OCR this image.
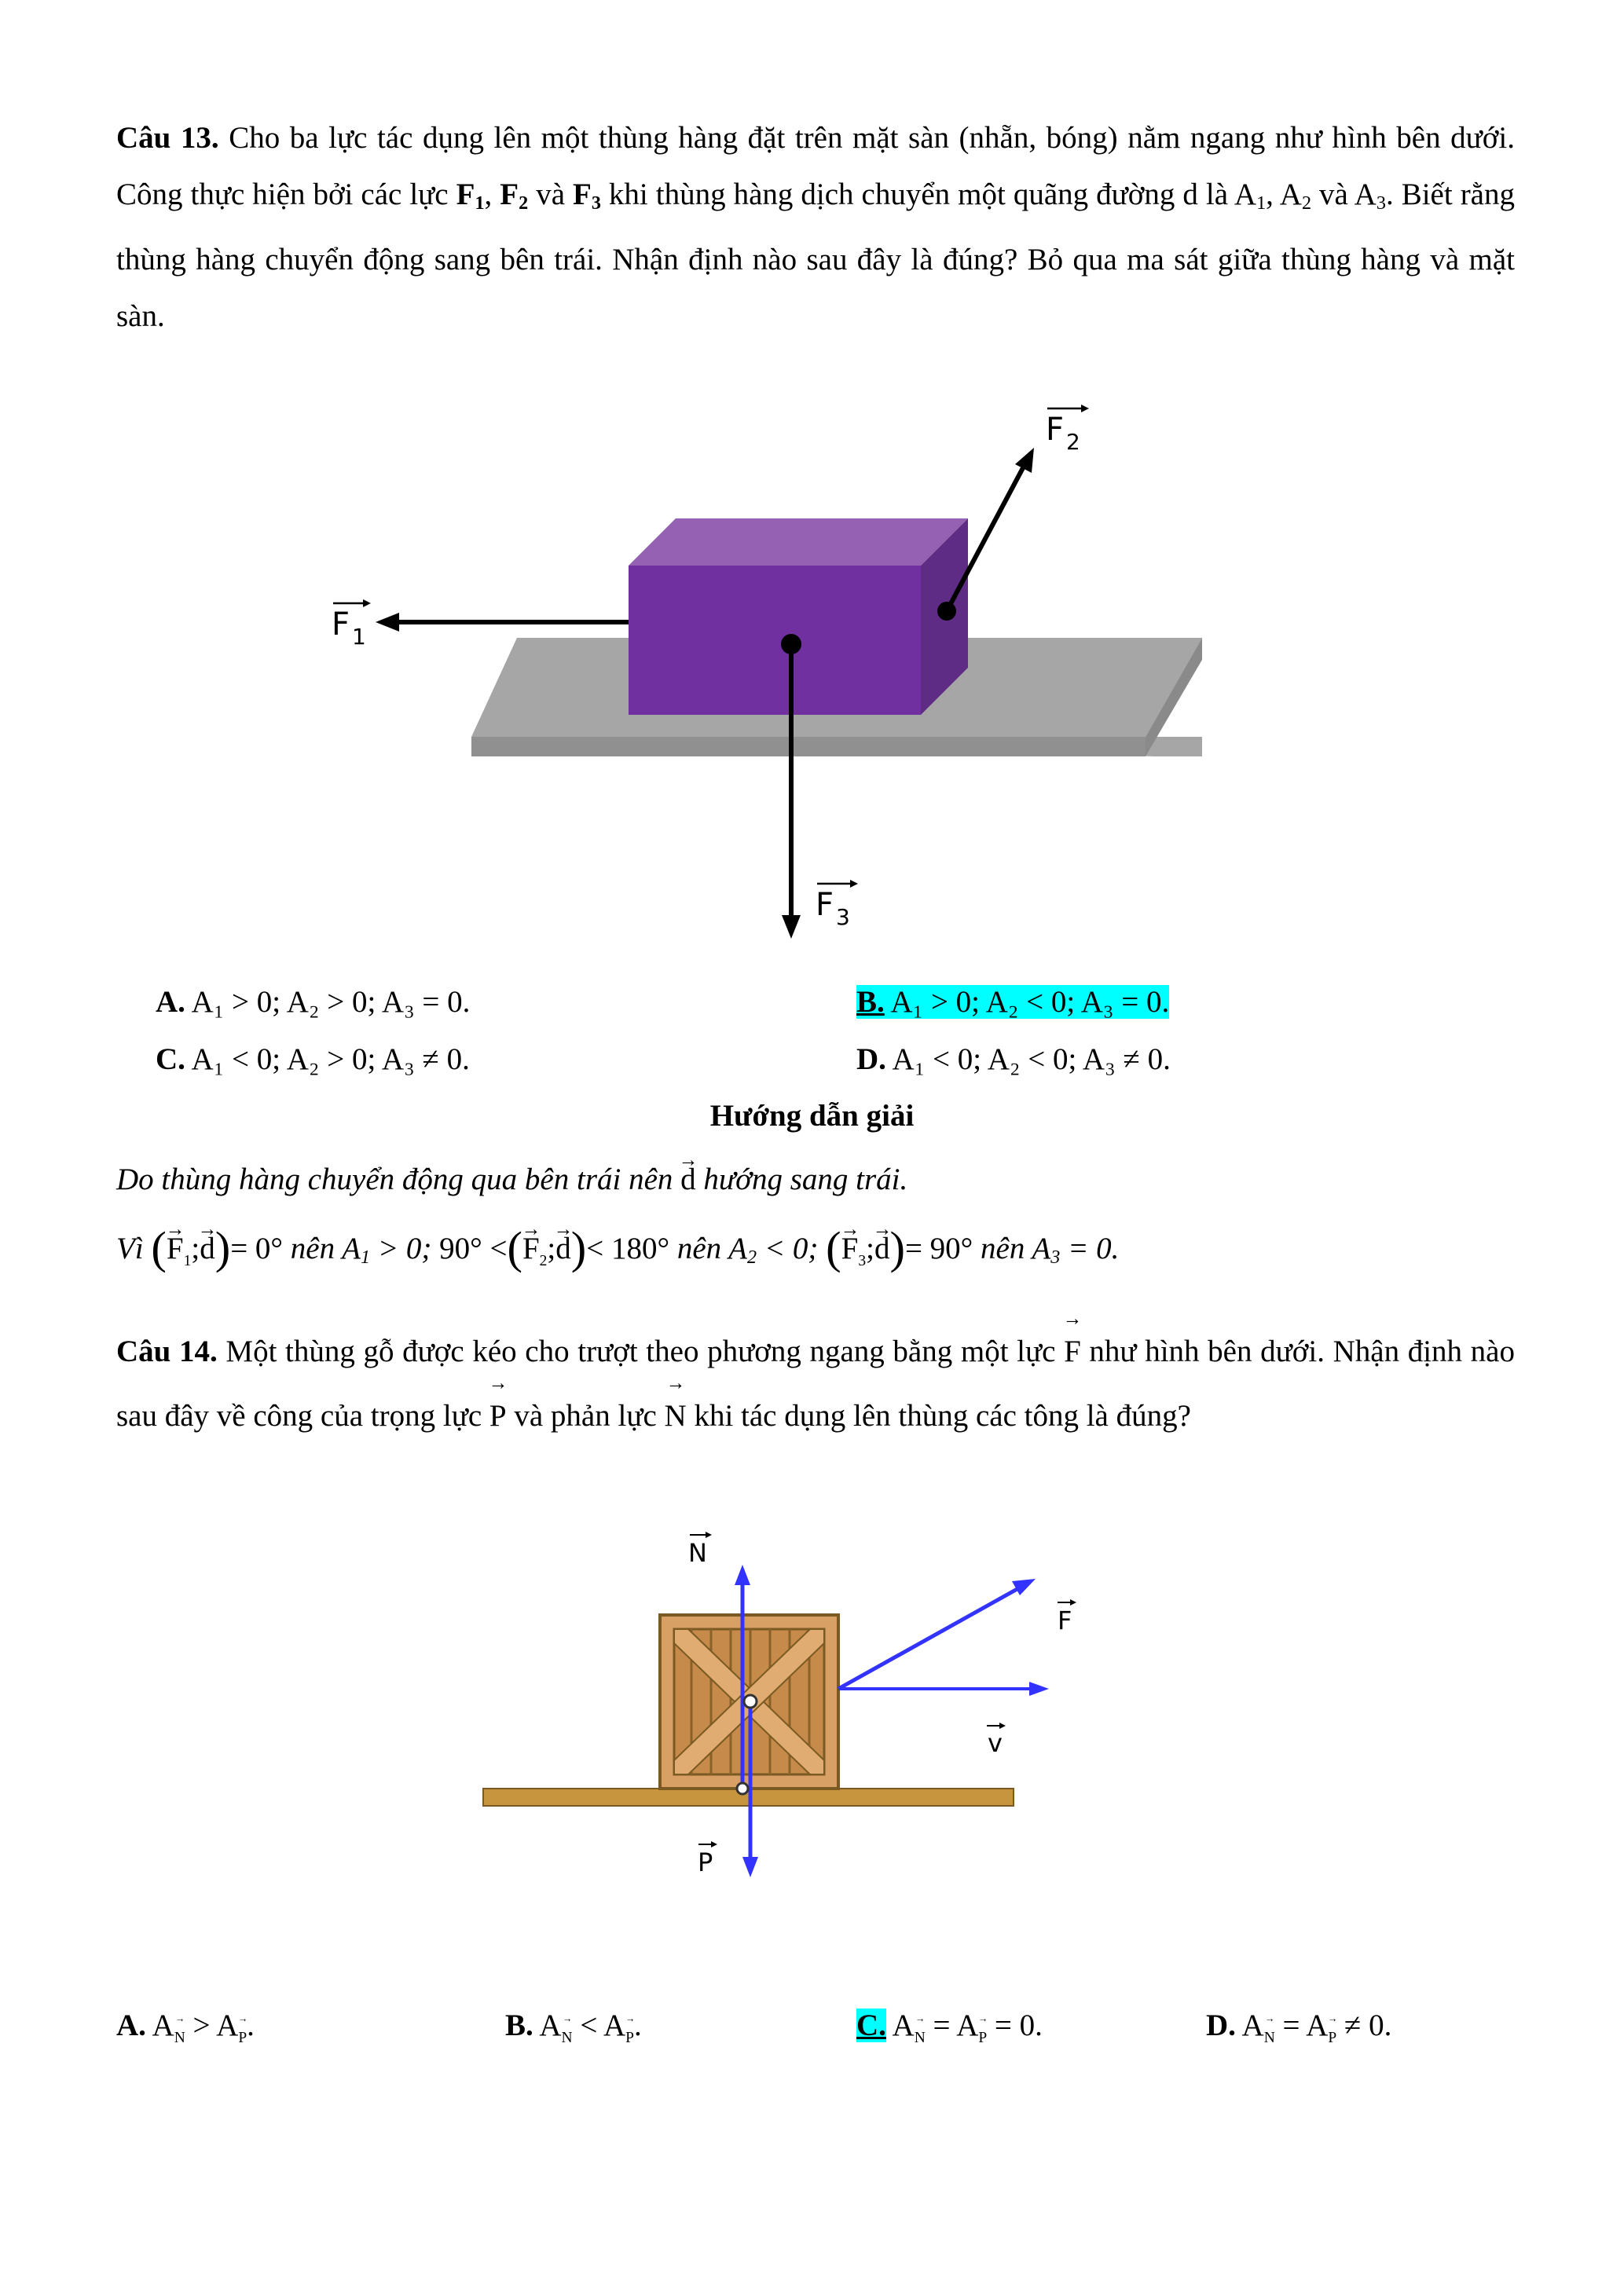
Câu 13. Cho ba lực tác dụng lên một thùng hàng đặt trên mặt sàn (nhẵn, bóng) nằm ngang như hình bên dưới. Công thực hiện bởi các lực $F_1$, $F_2$ và $F_3$ khi thùng hàng dịch chuyển một quãng đường d là $A_1$, $A_2$ và $A_3$. Biết rằng thùng hàng chuyển động sang bên trái. Nhận định nào sau đây là đúng? Bỏ qua ma sát giữa thùng hàng và mặt sàn.
F 1
F 2
F 3
A. A₁ > 0; A₂ > 0; A₃ = 0.	B. A₁ > 0; A₂ < 0; A₃ = 0.
C. A₁ < 0; A₂ > 0; A₃ ≠ 0.	D. A₁ < 0; A₂ < 0; A₃ ≠ 0.
Hướng dẫn giải
Do thùng hàng chuyển động qua bên trái nên → d hướng sang trái.
Vì (→ $F_1;\to d)= 0^\circ$ nên $A_1 > 0$; 90° <(→ $F_2;\to d)< 180^\circ$ nên $A_2 < 0$; (→ $F_3;\to d)= 90^\circ$ nên $A_3 = 0$.
Câu 14. Một thùng gỗ được kéo cho trượt theo phương ngang bằng một lực → F như hình bên dưới. Nhận định nào sau đây về công của trọng lực → P và phản lực → N khi tác dụng lên thùng các tông là đúng?
N
F
v
P
A. A→ N > A→ P.	B. A→ N < A→ P.	C. A→ N = A→ P = 0.	D. A→ N = A→ P ≠ 0.
